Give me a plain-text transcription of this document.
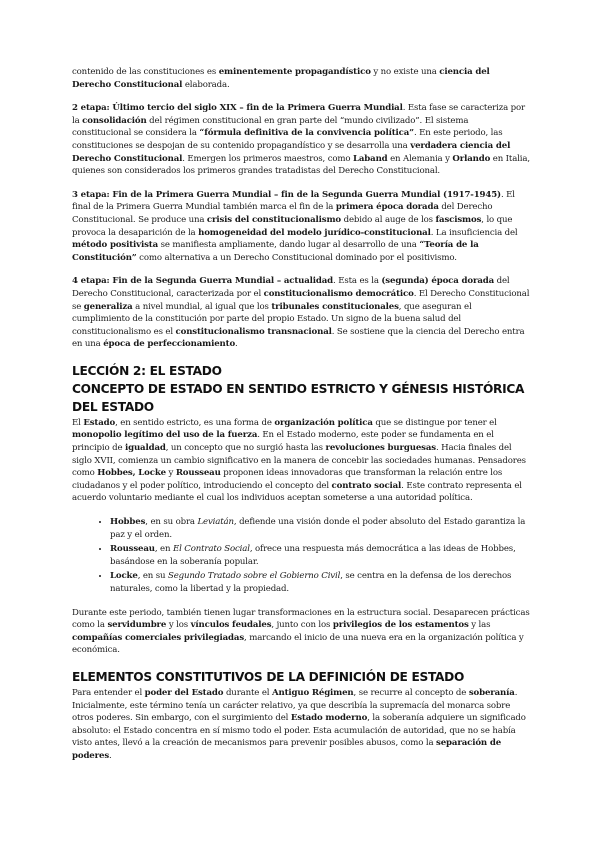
contenido de las constituciones es eminentemente propagandístico y no existe una ciencia del Derecho Constitucional elaborada.

2 etapa: Último tercio del siglo XIX – fin de la Primera Guerra Mundial. Esta fase se caracteriza por la consolidación del régimen constitucional en gran parte del “mundo civilizado”. El sistema constitucional se considera la “fórmula definitiva de la convivencia política”. En este periodo, las constituciones se despojan de su contenido propagandístico y se desarrolla una verdadera ciencia del Derecho Constitucional. Emergen los primeros maestros, como Laband en Alemania y Orlando en Italia, quienes son considerados los primeros grandes tratadistas del Derecho Constitucional.

3 etapa: Fin de la Primera Guerra Mundial – fin de la Segunda Guerra Mundial (1917-1945). El final de la Primera Guerra Mundial también marca el fin de la primera época dorada del Derecho Constitucional. Se produce una crisis del constitucionalismo debido al auge de los fascismos, lo que provoca la desaparición de la homogeneidad del modelo jurídico-constitucional. La insuficiencia del método positivista se manifiesta ampliamente, dando lugar al desarrollo de una “Teoría de la Constitución” como alternativa a un Derecho Constitucional dominado por el positivismo.

4 etapa: Fin de la Segunda Guerra Mundial – actualidad. Esta es la (segunda) época dorada del Derecho Constitucional, caracterizada por el constitucionalismo democrático. El Derecho Constitucional se generaliza a nivel mundial, al igual que los tribunales constitucionales, que aseguran el cumplimiento de la constitución por parte del propio Estado. Un signo de la buena salud del constitucionalismo es el constitucionalismo transnacional. Se sostiene que la ciencia del Derecho entra en una época de perfeccionamiento.

LECCIÓN 2: EL ESTADO
CONCEPTO DE ESTADO EN SENTIDO ESTRICTO Y GÉNESIS HISTÓRICA DEL ESTADO

El Estado, en sentido estricto, es una forma de organización política que se distingue por tener el monopolio legítimo del uso de la fuerza. En el Estado moderno, este poder se fundamenta en el principio de igualdad, un concepto que no surgió hasta las revoluciones burguesas. Hacia finales del siglo XVII, comienza un cambio significativo en la manera de concebir las sociedades humanas. Pensadores como Hobbes, Locke y Rousseau proponen ideas innovadoras que transforman la relación entre los ciudadanos y el poder político, introduciendo el concepto del contrato social. Este contrato representa el acuerdo voluntario mediante el cual los individuos aceptan someterse a una autoridad política.

• Hobbes, en su obra Leviatán, defiende una visión donde el poder absoluto del Estado garantiza la paz y el orden.
• Rousseau, en El Contrato Social, ofrece una respuesta más democrática a las ideas de Hobbes, basándose en la soberanía popular.
• Locke, en su Segundo Tratado sobre el Gobierno Civil, se centra en la defensa de los derechos naturales, como la libertad y la propiedad.

Durante este periodo, también tienen lugar transformaciones en la estructura social. Desaparecen prácticas como la servidumbre y los vínculos feudales, junto con los privilegios de los estamentos y las compañías comerciales privilegiadas, marcando el inicio de una nueva era en la organización política y económica.

ELEMENTOS CONSTITUTIVOS DE LA DEFINICIÓN DE ESTADO

Para entender el poder del Estado durante el Antiguo Régimen, se recurre al concepto de soberanía. Inicialmente, este término tenía un carácter relativo, ya que describía la supremacía del monarca sobre otros poderes. Sin embargo, con el surgimiento del Estado moderno, la soberanía adquiere un significado absoluto: el Estado concentra en sí mismo todo el poder. Esta acumulación de autoridad, que no se había visto antes, llevó a la creación de mecanismos para prevenir posibles abusos, como la separación de poderes.
